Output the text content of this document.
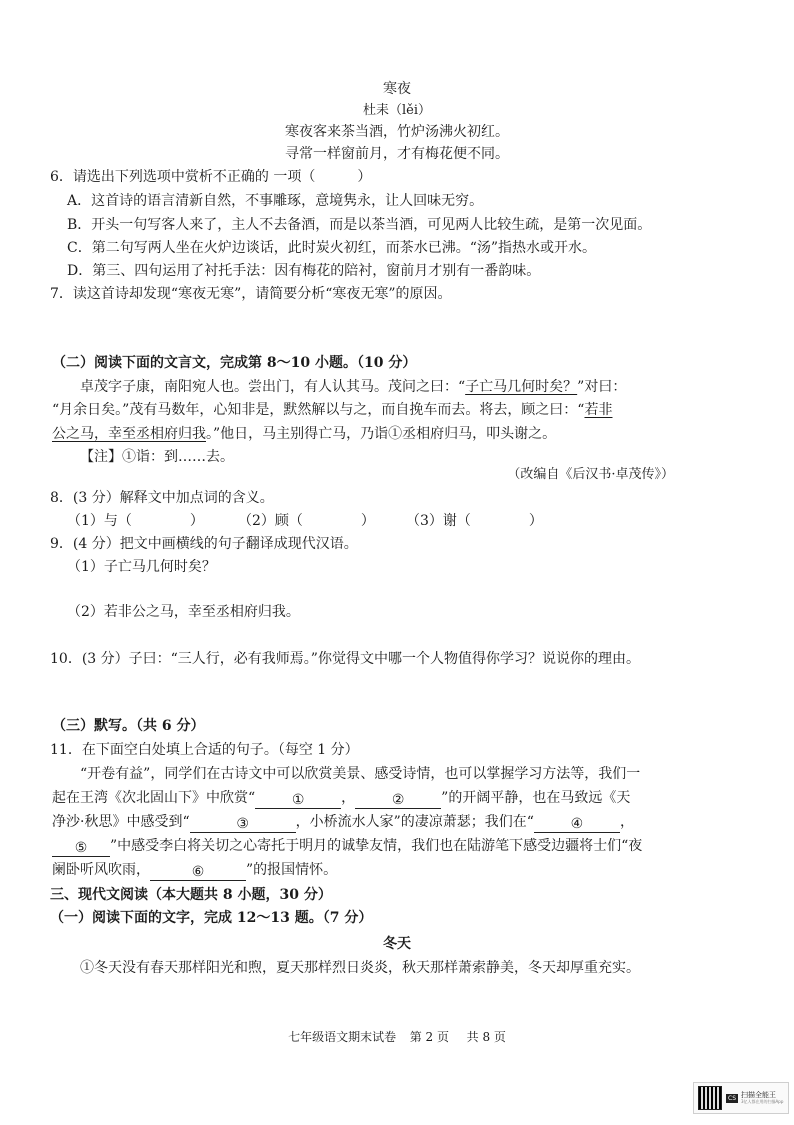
寒夜
杜耒（lěi）
寒夜客来茶当酒，竹炉汤沸火初红。
寻常一样窗前月，才有梅花便不同。
6．请选出下列选项中赏析不正确的 一项（　　　）
A．这首诗的语言清新自然，不事雕琢，意境隽永，让人回味无穷。
B．开头一句写客人来了，主人不去备酒，而是以茶当酒，可见两人比较生疏，是第一次见面。
C．第二句写两人坐在火炉边谈话，此时炭火初红，而茶水已沸。“汤”指热水或开水。
D．第三、四句运用了衬托手法：因有梅花的陪衬，窗前月才别有一番韵味。
7．读这首诗却发现“寒夜无寒”，请简要分析“寒夜无寒”的原因。
（二）阅读下面的文言文，完成第 8～10 小题。（10 分）
卓茂字子康，南阳宛人也。尝出门，有人认其马。茂问之曰：“子亡马几何时矣？”对曰：
“月余日矣。”茂有马数年，心知非是，默然解以与之，而自挽车而去。将去，顾之曰：“若非
公之马，幸至丞相府归我。”他日，马主别得亡马，乃诣①丞相府归马，叩头谢之。
【注】①诣：到……去。
（改编自《后汉书·卓茂传》）
8．(3 分）解释文中加点词的含义。
（1）与（	） （2）顾（	） （3）谢（	）
9．(4 分）把文中画横线的句子翻译成现代汉语。
（1）子亡马几何时矣？
（2）若非公之马，幸至丞相府归我。
10．(3 分）子曰：“三人行，必有我师焉。”你觉得文中哪一个人物值得你学习？说说你的理由。
（三）默写。（共 6 分）
11．在下面空白处填上合适的句子。（每空 1 分）
“开卷有益”，同学们在古诗文中可以欣赏美景、感受诗情，也可以掌握学习方法等，我们一
起在王湾《次北固山下》中欣赏“	①	，	②	”的开阔平静，也在马致远《天
净沙·秋思》中感受到“	③	，小桥流水人家”的凄凉萧瑟；我们在“	④	，
⑤ ”中感受李白将关切之心寄托于明月的诚挚友情，我们也在陆游笔下感受边疆将士们“夜
阑卧听风吹雨，	⑥	”的报国情怀。
三、现代文阅读（本大题共 8 小题，30 分）
（一）阅读下面的文字，完成 12～13 题。（7 分）
冬天
①冬天没有春天那样阳光和煦，夏天那样烈日炎炎，秋天那样萧索静美，冬天却厚重充实。
七年级语文期末试卷 第 2 页 共 8 页
CS 扫描全能王
3亿人都在用的扫描App
